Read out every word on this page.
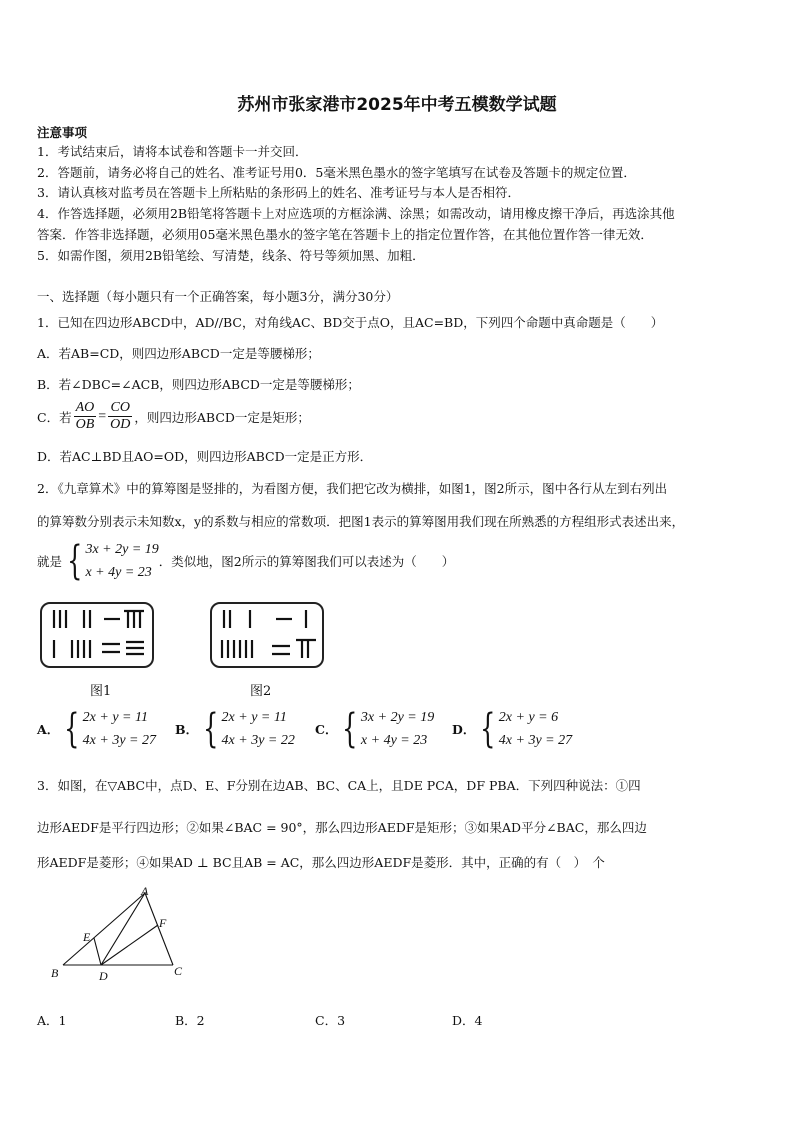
苏州市张家港市2025年中考五模数学试题
注意事项
1．考试结束后，请将本试卷和答题卡一并交回．
2．答题前，请务必将自己的姓名、准考证号用0．5毫米黑色墨水的签字笔填写在试卷及答题卡的规定位置．
3．请认真核对监考员在答题卡上所粘贴的条形码上的姓名、准考证号与本人是否相符．
4．作答选择题，必须用2B铅笔将答题卡上对应选项的方框涂满、涂黑；如需改动，请用橡皮擦干净后，再选涂其他
答案．作答非选择题，必须用05毫米黑色墨水的签字笔在答题卡上的指定位置作答，在其他位置作答一律无效．
5．如需作图，须用2B铅笔绘、写清楚，线条、符号等须加黑、加粗．
一、选择题（每小题只有一个正确答案，每小题3分，满分30分）
1．已知在四边形ABCD中，AD//BC，对角线AC、BD交于点O，且AC=BD，下列四个命题中真命题是（　　）
A．若AB=CD，则四边形ABCD一定是等腰梯形；
B．若∠DBC=∠ACB，则四边形ABCD一定是等腰梯形；
C．若 $\frac{AO}{OB} = \frac{CO}{OD}$ ，则四边形ABCD一定是矩形；
D．若AC⊥BD且AO=OD，则四边形ABCD一定是正方形．
2．《九章算术》中的算筹图是竖排的，为看图方便，我们把它改为横排，如图1，图2所示，图中各行从左到右列出
的算筹数分别表示未知数x，y的系数与相应的常数项．把图1表示的算筹图用我们现在所熟悉的方程组形式表述出来，
就是 { 3x + 2y = 19
x + 4y = 23
．类似地，图2所示的算筹图我们可以表述为（　　）
图1	图2
A． { 2x + y = 11
4x + 3y = 27
B． { 2x + y = 11
4x + 3y = 22
C． { 3x + 2y = 19
x + 4y = 23
D． { 2x + y = 6
4x + 3y = 27
3．如图，在▽ABC中，点D、E、F分别在边AB、BC、CA上，且DE PCA，DF PBA．下列四种说法：①四
边形AEDF是平行四边形；②如果∠BAC = 90°，那么四边形AEDF是矩形；③如果AD平分∠BAC，那么四边
形AEDF是菱形；④如果AD ⊥ BC且AB = AC，那么四边形AEDF是菱形．其中，正确的有（　）　个
A
B	C
D
E
F
A．1	B．2	C．3	D．4
